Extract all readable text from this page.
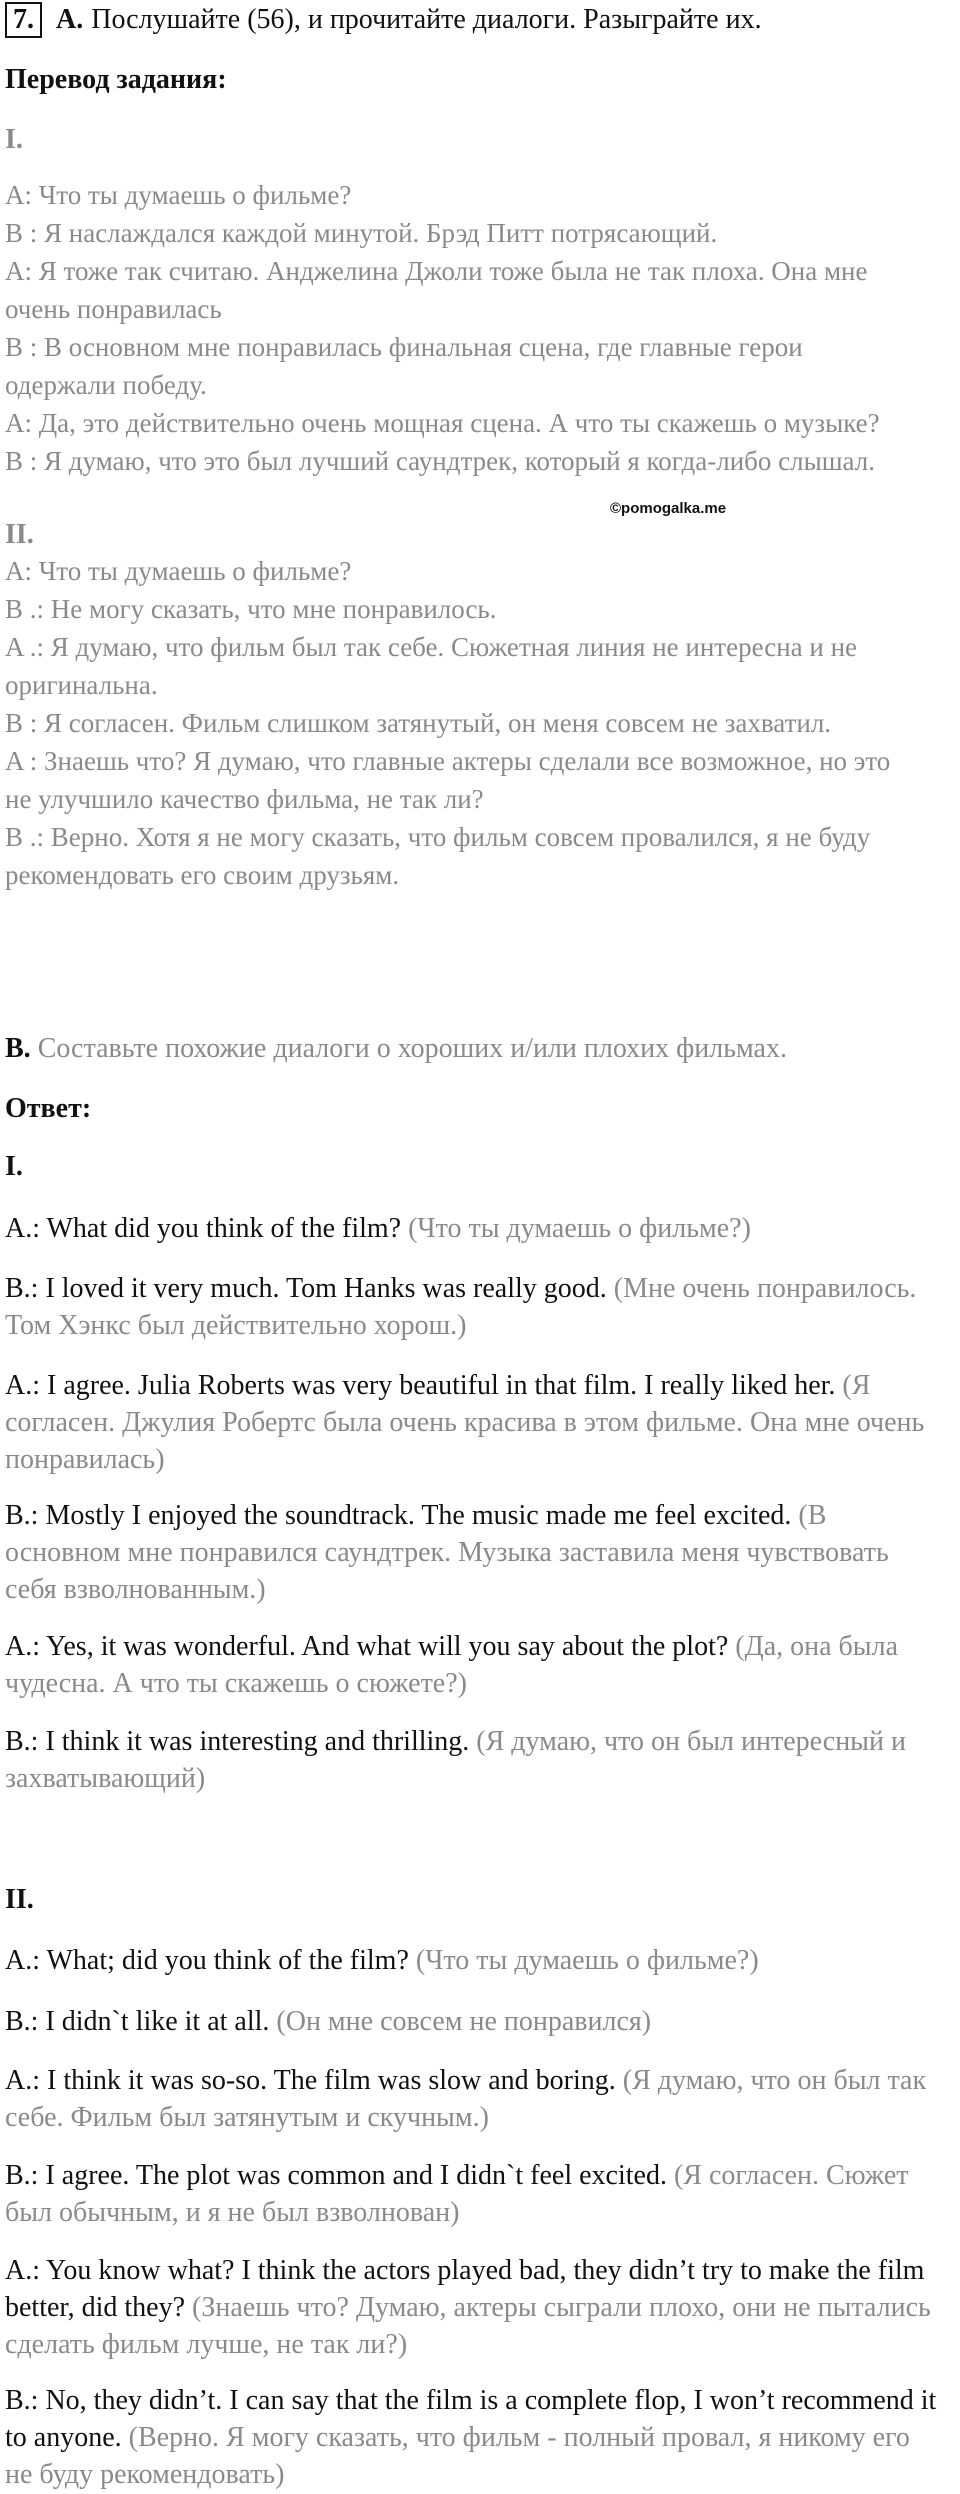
7. A. Послушайте (56), и прочитайте диалоги. Разыграйте их.
Перевод задания:
I.
A: Что ты думаешь о фильме?
B : Я наслаждался каждой минутой. Брэд Питт потрясающий.
A: Я тоже так считаю. Анджелина Джоли тоже была не так плоха. Она мне
очень понравилась
B : В основном мне понравилась финальная сцена, где главные герои
одержали победу.
A: Да, это действительно очень мощная сцена. А что ты скажешь о музыке?
B : Я думаю, что это был лучший саундтрек, который я когда-либо слышал.
©pomogalka.me
II.
A: Что ты думаешь о фильме?
B .: Не могу сказать, что мне понравилось.
A .: Я думаю, что фильм был так себе. Сюжетная линия не интересна и не
оригинальна.
B : Я согласен. Фильм слишком затянутый, он меня совсем не захватил.
A : Знаешь что? Я думаю, что главные актеры сделали все возможное, но это
не улучшило качество фильма, не так ли?
B .: Верно. Хотя я не могу сказать, что фильм совсем провалился, я не буду
рекомендовать его своим друзьям.
B. Составьте похожие диалоги о хороших и/или плохих фильмах.
Ответ:
I.
A.: What did you think of the film? (Что ты думаешь о фильме?)
B.: I loved it very much. Tom Hanks was really good. (Мне очень понравилось.
Том Хэнкс был действительно хорош.)
A.: I agree. Julia Roberts was very beautiful in that film. I really liked her. (Я
согласен. Джулия Робертс была очень красива в этом фильме. Она мне очень
понравилась)
B.: Mostly I enjoyed the soundtrack. The music made me feel excited. (В
основном мне понравился саундтрек. Музыка заставила меня чувствовать
себя взволнованным.)
A.: Yes, it was wonderful. And what will you say about the plot? (Да, она была
чудесна. А что ты скажешь о сюжете?)
B.: I think it was interesting and thrilling. (Я думаю, что он был интересный и
захватывающий)
II.
A.: What; did you think of the film? (Что ты думаешь о фильме?)
B.: I didn`t like it at all. (Он мне совсем не понравился)
A.: I think it was so-so. The film was slow and boring. (Я думаю, что он был так
себе. Фильм был затянутым и скучным.)
B.: I agree. The plot was common and I didn`t feel excited. (Я согласен. Сюжет
был обычным, и я не был взволнован)
A.: You know what? I think the actors played bad, they didn’t try to make the film
better, did they? (Знаешь что? Думаю, актеры сыграли плохо, они не пытались
сделать фильм лучше, не так ли?)
B.: No, they didn’t. I can say that the film is a complete flop, I won’t recommend it
to anyone. (Верно. Я могу сказать, что фильм - полный провал, я никому его
не буду рекомендовать)
